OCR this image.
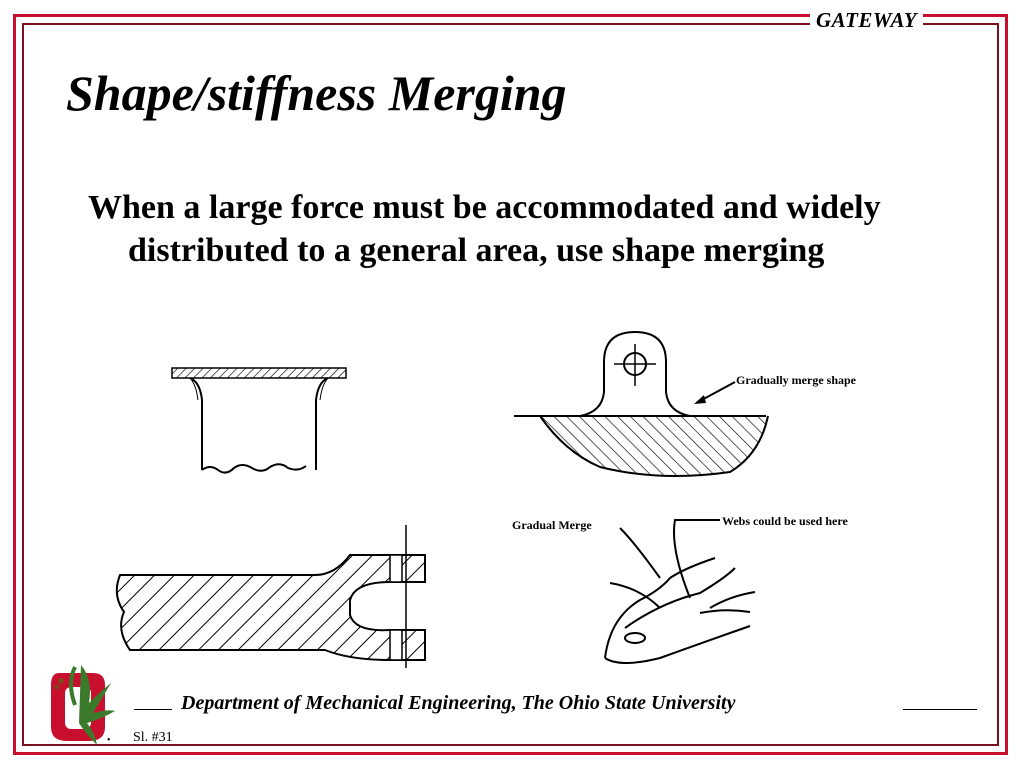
GATEWAY
Shape/stiffness Merging

When a large force must be accommodated and widely distributed to a general area, use shape merging

Gradually merge shape
Gradual Merge	Webs could be used here
Department of Mechanical Engineering, The Ohio State University
• Sl. #31
